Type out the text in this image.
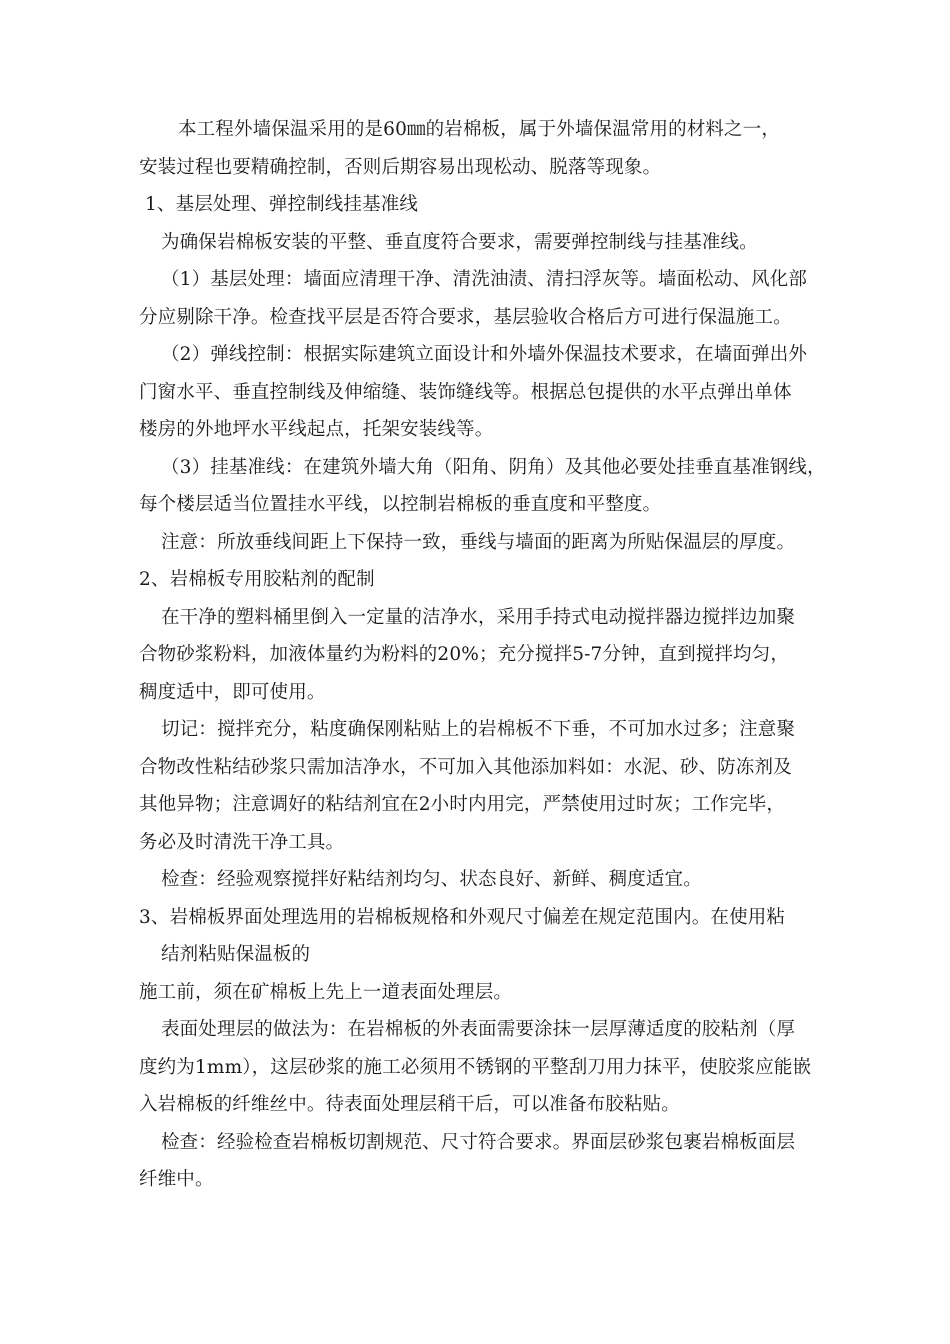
本工程外墙保温采用的是60㎜的岩棉板，属于外墙保温常用的材料之一，
安装过程也要精确控制，否则后期容易出现松动、脱落等现象。
1、基层处理、弹控制线挂基准线
为确保岩棉板安装的平整、垂直度符合要求，需要弹控制线与挂基准线。
（1）基层处理：墙面应清理干净、清洗油渍、清扫浮灰等。墙面松动、风化部
分应剔除干净。检查找平层是否符合要求，基层验收合格后方可进行保温施工。
（2）弹线控制：根据实际建筑立面设计和外墙外保温技术要求，在墙面弹出外
门窗水平、垂直控制线及伸缩缝、装饰缝线等。根据总包提供的水平点弹出单体
楼房的外地坪水平线起点，托架安装线等。
（3）挂基准线：在建筑外墙大角（阳角、阴角）及其他必要处挂垂直基准钢线，
每个楼层适当位置挂水平线，以控制岩棉板的垂直度和平整度。
注意：所放垂线间距上下保持一致，垂线与墙面的距离为所贴保温层的厚度。
2、岩棉板专用胶粘剂的配制
在干净的塑料桶里倒入一定量的洁净水，采用手持式电动搅拌器边搅拌边加聚
合物砂浆粉料，加液体量约为粉料的20%；充分搅拌5-7分钟，直到搅拌均匀，
稠度适中，即可使用。
切记：搅拌充分，粘度确保刚粘贴上的岩棉板不下垂，不可加水过多；注意聚
合物改性粘结砂浆只需加洁净水，不可加入其他添加料如：水泥、砂、防冻剂及
其他异物；注意调好的粘结剂宜在2小时内用完，严禁使用过时灰；工作完毕，
务必及时清洗干净工具。
检查：经验观察搅拌好粘结剂均匀、状态良好、新鲜、稠度适宜。
3、岩棉板界面处理选用的岩棉板规格和外观尺寸偏差在规定范围内。在使用粘
结剂粘贴保温板的
施工前，须在矿棉板上先上一道表面处理层。
表面处理层的做法为：在岩棉板的外表面需要涂抹一层厚薄适度的胶粘剂（厚
度约为1mm），这层砂浆的施工必须用不锈钢的平整刮刀用力抹平，使胶浆应能嵌
入岩棉板的纤维丝中。待表面处理层稍干后，可以准备布胶粘贴。
检查：经验检查岩棉板切割规范、尺寸符合要求。界面层砂浆包裹岩棉板面层
纤维中。
